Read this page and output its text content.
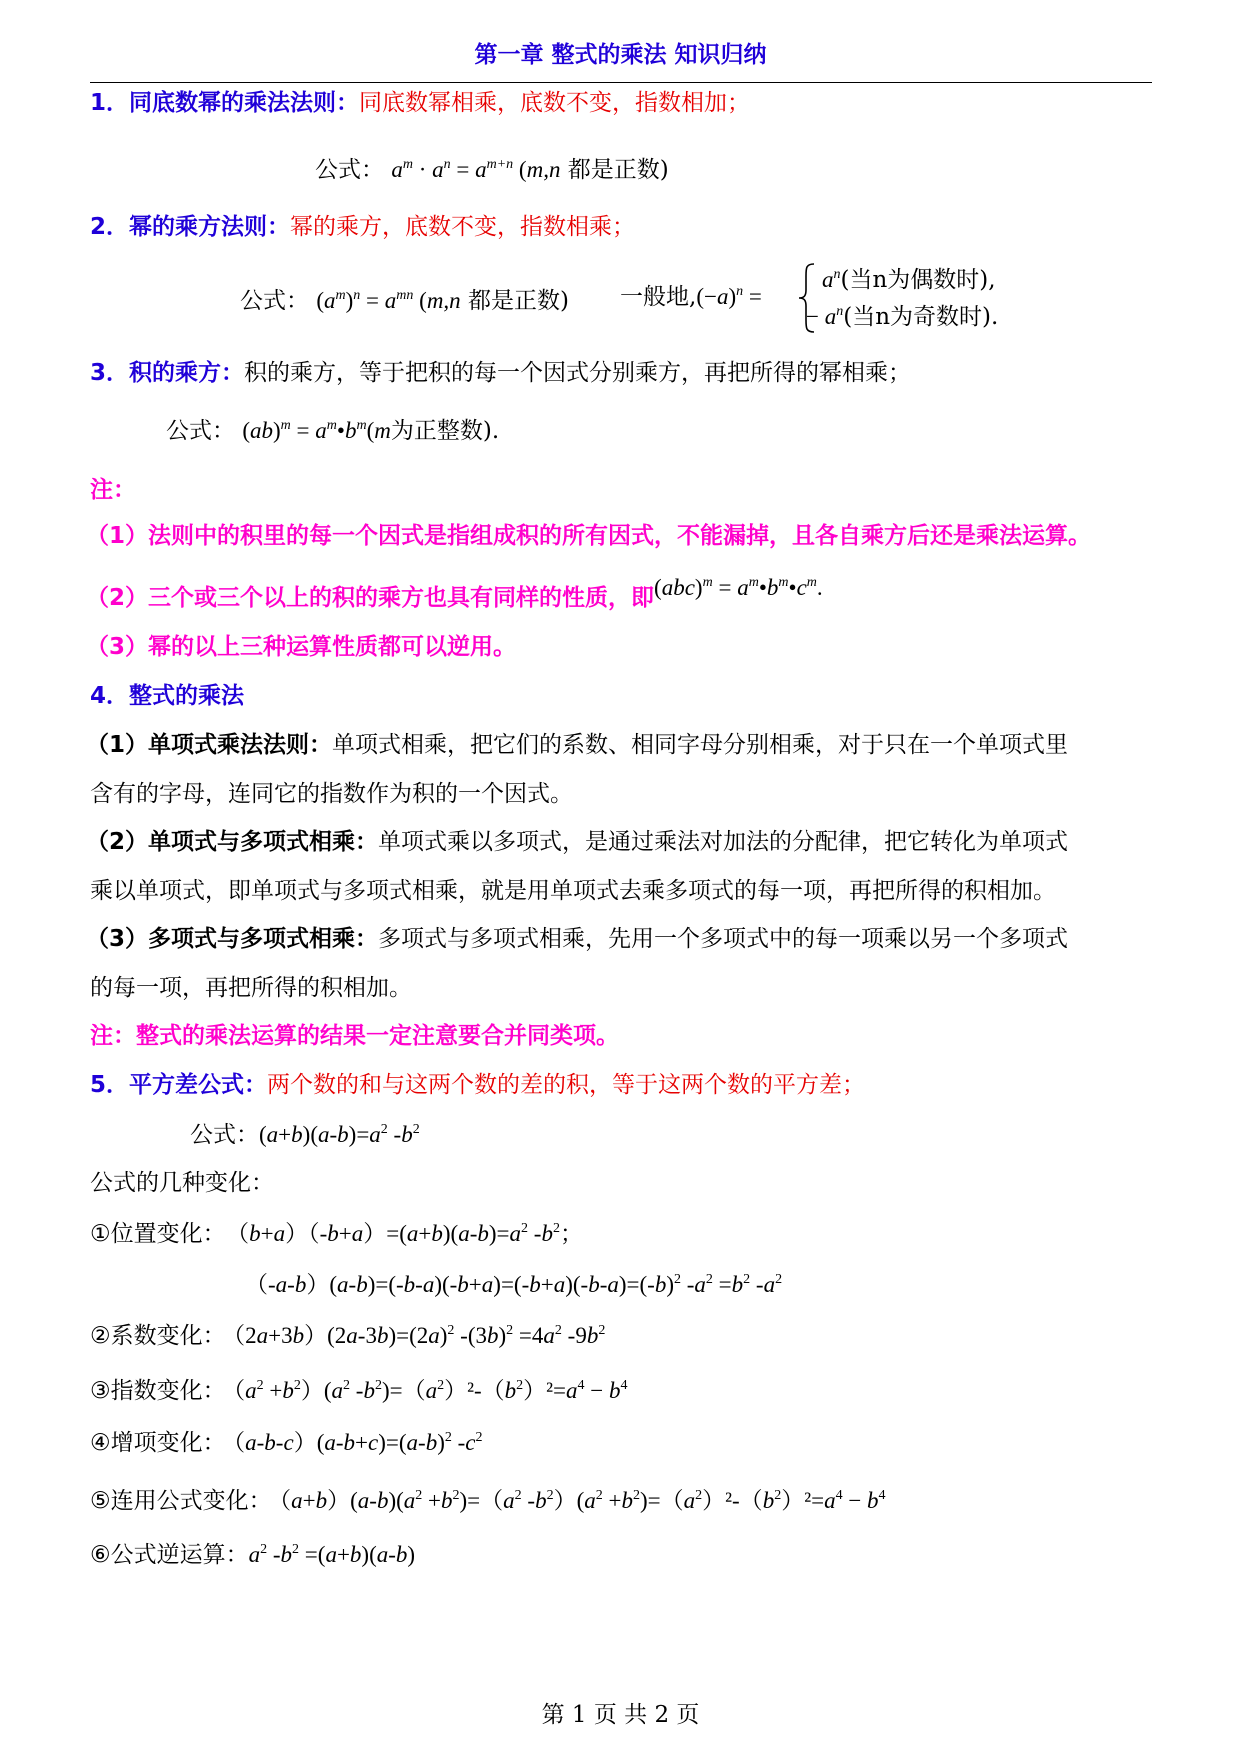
第一章 整式的乘法 知识归纳
1．同底数幂的乘法法则：同底数幂相乘，底数不变，指数相加；
公式： $a^m \cdot a^n = a^{m+n}$ (m,n 都是正数)
2．幂的乘方法则：幂的乘方，底数不变，指数相乘；
公式： $(a^m)^n = a^{mn}$ (m,n 都是正数)	一般地$,(-a)^n$ =
$a^n$(当n为偶数时),
− $a^n$(当n为奇数时).
3．积的乘方：积的乘方，等于把积的每一个因式分别乘方，再把所得的幂相乘；
公式： $(ab)^m = a^m•b^m(m$为正整数).
注：
（1）法则中的积里的每一个因式是指组成积的所有因式，不能漏掉，且各自乘方后还是乘法运算。
（2）三个或三个以上的积的乘方也具有同样的性质，即$(abc)^m = a^m•b^m•c^m$.
（3）幂的以上三种运算性质都可以逆用。
4．整式的乘法
（1）单项式乘法法则：单项式相乘，把它们的系数、相同字母分别相乘，对于只在一个单项式里
含有的字母，连同它的指数作为积的一个因式。
（2）单项式与多项式相乘：单项式乘以多项式，是通过乘法对加法的分配律，把它转化为单项式
乘以单项式，即单项式与多项式相乘，就是用单项式去乘多项式的每一项，再把所得的积相加。
（3）多项式与多项式相乘：多项式与多项式相乘，先用一个多项式中的每一项乘以另一个多项式
的每一项，再把所得的积相加。
注：整式的乘法运算的结果一定注意要合并同类项。
5．平方差公式：两个数的和与这两个数的差的积，等于这两个数的平方差；
公式：$(a+b)(a-b)=a^2$ $-b^2$
公式的几种变化：
①位置变化： $(b+a)(-b+a)=(a+b)(a-b)=a^2$ $-b^2$；
$(-a-b)(a-b)=(-b-a)(-b+a)=(-b+a)(-b-a)=(-b)^2$ $-a^2 =b^2$ $-a^2$
②系数变化： $(2a+3b)(2a-3b)=(2a)^2$ $-(3b)^2 =4a^2$ $-9b^2$
③指数变化： $(a^2 +b^2)(a^2$ $-b^2)=(a^2)^2-(b^2)^2=a^4 - b^4$
④增项变化： $(a-b-c)(a-b+c)=(a-b)^2$ $-c^2$
⑤连用公式变化： $(a+b)(a-b)(a^2 +b^2)=(a^2$ $-b^2)(a^2 +b^2)=(a^2)^2-(b^2)^2=a^4 - b^4$
⑥公式逆运算：$a^2$ $-b^2 =(a+b)(a-b)$
第 1 页 共 2 页
